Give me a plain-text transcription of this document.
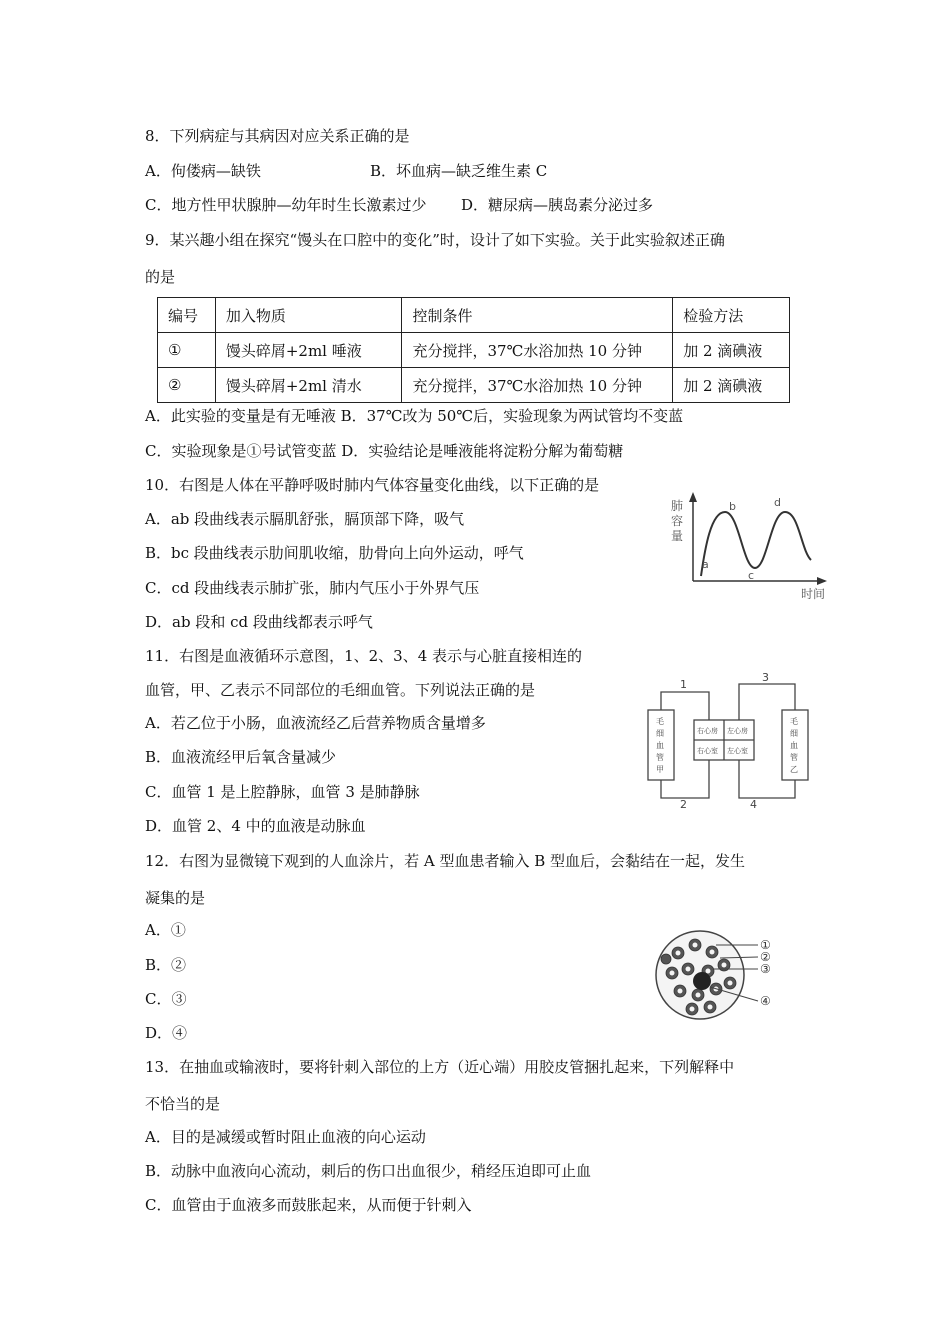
8．下列病症与其病因对应关系正确的是
A．佝偻病—缺铁	B．坏血病—缺乏维生素 C
C．地方性甲状腺肿—幼年时生长激素过少 D．糖尿病—胰岛素分泌过多
9．某兴趣小组在探究“馒头在口腔中的变化”时，设计了如下实验。关于此实验叙述正确
的是
编号	加入物质	控制条件	检验方法
①	馒头碎屑+2ml 唾液	充分搅拌，37℃水浴加热 10 分钟	加 2 滴碘液
②	馒头碎屑+2ml 清水	充分搅拌，37℃水浴加热 10 分钟	加 2 滴碘液
A．此实验的变量是有无唾液 B．37℃改为 50℃后，实验现象为两试管均不变蓝
C．实验现象是①号试管变蓝 D．实验结论是唾液能将淀粉分解为葡萄糖
10．右图是人体在平静呼吸时肺内气体容量变化曲线，以下正确的是
A．ab 段曲线表示膈肌舒张，膈顶部下降，吸气
B．bc 段曲线表示肋间肌收缩，肋骨向上向外运动，呼气
C．cd 段曲线表示肺扩张，肺内气压小于外界气压
D．ab 段和 cd 段曲线都表示呼气
肺
容
量
时间
a
b
c
d
11．右图是血液循环示意图，1、2、3、4 表示与心脏直接相连的
血管，甲、乙表示不同部位的毛细血管。下列说法正确的是
A．若乙位于小肠，血液流经乙后营养物质含量增多
B．血液流经甲后氧含量减少
C．血管 1 是上腔静脉，血管 3 是肺静脉
D．血管 2、4 中的血液是动脉血
1
2
3
4
毛
细
血
管
甲
毛
细
血
管
乙
右心房 左心房
右心室 左心室
12．右图为显微镜下观到的人血涂片，若 A 型血患者输入 B 型血后，会黏结在一起，发生
凝集的是
A．①
B．②
C．③
D．④
①
②
③
④
13．在抽血或输液时，要将针刺入部位的上方（近心端）用胶皮管捆扎起来，下列解释中
不恰当的是
A．目的是减缓或暂时阻止血液的向心运动
B．动脉中血液向心流动，刺后的伤口出血很少，稍经压迫即可止血
C．血管由于血液多而鼓胀起来，从而便于针刺入
